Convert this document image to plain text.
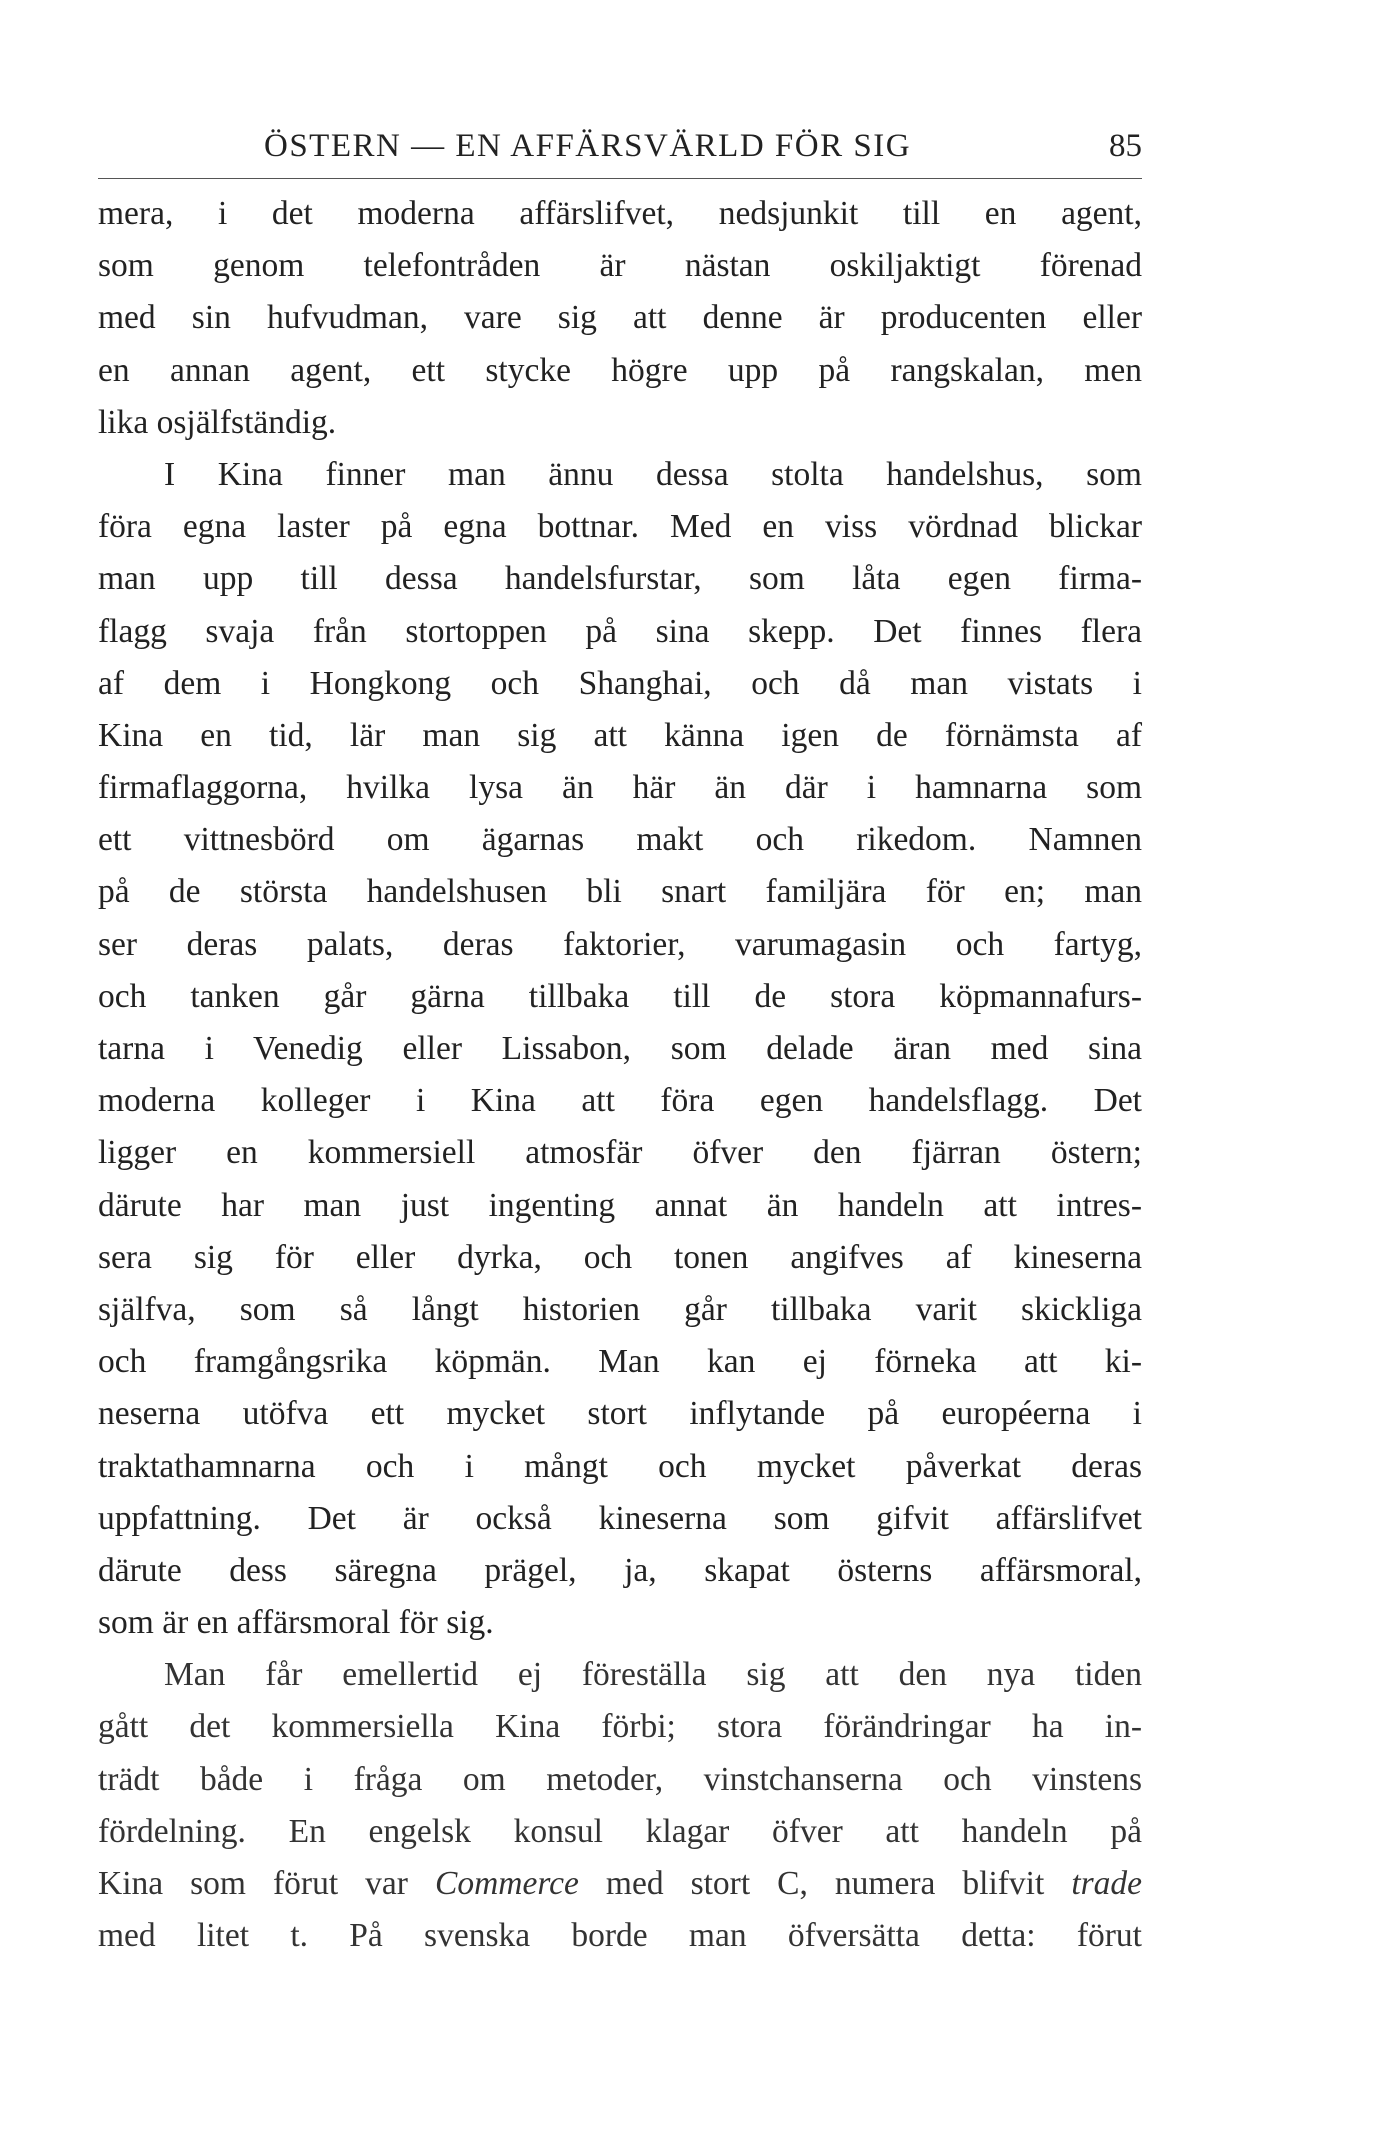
ÖSTERN — EN AFFÄRSVÄRLD FÖR SIG	85
mera, i det moderna affärslifvet, nedsjunkit till en agent,
som genom telefontråden är nästan oskiljaktigt förenad
med sin hufvudman, vare sig att denne är producenten eller
en annan agent, ett stycke högre upp på rangskalan, men
lika osjälfständig.
I Kina finner man ännu dessa stolta handelshus, som
föra egna laster på egna bottnar. Med en viss vördnad blickar
man upp till dessa handelsfurstar, som låta egen firma-
flagg svaja från stortoppen på sina skepp. Det finnes flera
af dem i Hongkong och Shanghai, och då man vistats i
Kina en tid, lär man sig att känna igen de förnämsta af
firmaflaggorna, hvilka lysa än här än där i hamnarna som
ett vittnesbörd om ägarnas makt och rikedom. Namnen
på de största handelshusen bli snart familjära för en; man
ser deras palats, deras faktorier, varumagasin och fartyg,
och tanken går gärna tillbaka till de stora köpmannafurs-
tarna i Venedig eller Lissabon, som delade äran med sina
moderna kolleger i Kina att föra egen handelsflagg. Det
ligger en kommersiell atmosfär öfver den fjärran östern;
därute har man just ingenting annat än handeln att intres-
sera sig för eller dyrka, och tonen angifves af kineserna
själfva, som så långt historien går tillbaka varit skickliga
och framgångsrika köpmän. Man kan ej förneka att ki-
neserna utöfva ett mycket stort inflytande på européerna i
traktathamnarna och i mångt och mycket påverkat deras
uppfattning. Det är också kineserna som gifvit affärslifvet
därute dess säregna prägel, ja, skapat österns affärsmoral,
som är en affärsmoral för sig.
Man får emellertid ej föreställa sig att den nya tiden
gått det kommersiella Kina förbi; stora förändringar ha in-
trädt både i fråga om metoder, vinstchanserna och vinstens
fördelning. En engelsk konsul klagar öfver att handeln på
Kina som förut var Commerce med stort C, numera blifvit trade
med litet t. På svenska borde man öfversätta detta: förut
